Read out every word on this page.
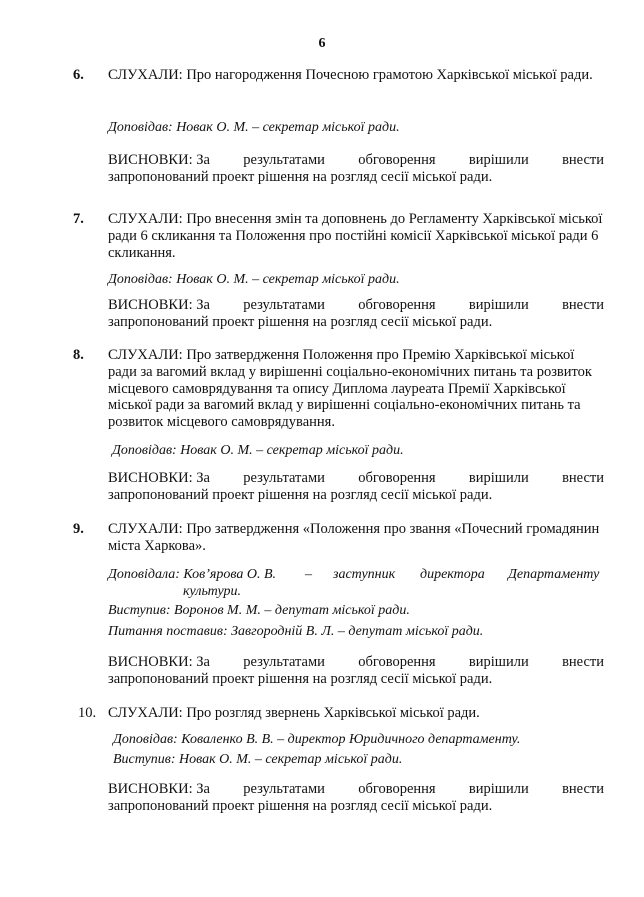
6
6. СЛУХАЛИ: Про нагородження Почесною грамотою Харківської міської ради.

Доповідав: Новак О. М. – секретар міської ради.

ВИСНОВКИ: За результатами обговорення вирішили внести
запропонований проект рішення на розгляд сесії міської ради.
7. СЛУХАЛИ: Про внесення змін та доповнень до Регламенту Харківської міської ради 6 скликання та Положення про постійні комісії Харківської міської ради 6 скликання.

Доповідав: Новак О. М. – секретар міської ради.

ВИСНОВКИ: За результатами обговорення вирішили внести
запропонований проект рішення на розгляд сесії міської ради.
8. СЛУХАЛИ: Про затвердження Положення про Премію Харківської міської ради за вагомий вклад у вирішенні соціально-економічних питань та розвиток місцевого самоврядування та опису Диплома лауреата Премії Харківської міської ради за вагомий вклад у вирішенні соціально-економічних питань та розвиток місцевого самоврядування.

Доповідав: Новак О. М. – секретар міської ради.

ВИСНОВКИ: За результатами обговорення вирішили внести
запропонований проект рішення на розгляд сесії міської ради.
9. СЛУХАЛИ: Про затвердження «Положення про звання «Почесний громадянин міста Харкова».

Доповідала: Ков’ярова О. В. – заступник директора Департаменту
культури.

Виступив: Воронов М. М. – депутат міської ради.

Питання поставив: Завгородній В. Л. – депутат міської ради.

ВИСНОВКИ: За результатами обговорення вирішили внести
запропонований проект рішення на розгляд сесії міської ради.
10. СЛУХАЛИ: Про розгляд звернень Харківської міської ради.

Доповідав: Коваленко В. В. – директор Юридичного департаменту.

Виступив: Новак О. М. – секретар міської ради.

ВИСНОВКИ: За результатами обговорення вирішили внести
запропонований проект рішення на розгляд сесії міської ради.
